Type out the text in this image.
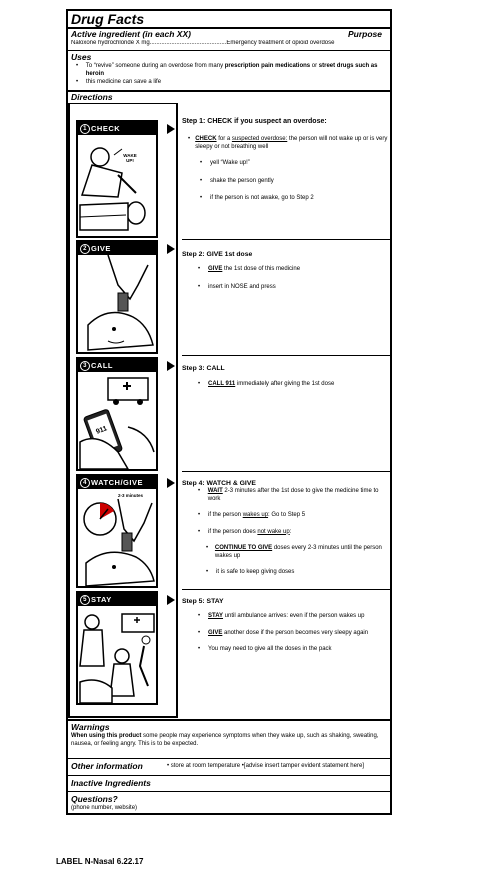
Drug Facts
Active ingredient (in each XX)	Purpose
Naloxone hydrochloride X mg..............................................Emergency treatment of opioid overdose
Uses
•	To “revive” someone during an overdose from many prescription pain medications or street drugs such as heroin
•	this medicine can save a life
Directions
1 CHECK
WAKE UP!
2 GIVE
3 CALL
911
4 WATCH/GIVE
2-3 minutes
5 STAY
Step 1: CHECK if you suspect an overdose:
• CHECK for a suspected overdose: the person will not wake up or is very sleepy or not breathing well
•	yell “Wake up!”
•	shake the person gently
•	if the person is not awake, go to Step 2
Step 2: GIVE 1st dose
•	GIVE the 1st dose of this medicine
•	insert in NOSE and press
Step 3: CALL
•	CALL 911 immediately after giving the 1st dose
Step 4: WATCH & GIVE
•	WAIT 2-3 minutes after the 1st dose to give the medicine time to work
•	if the person wakes up: Go to Step 5
•	if the person does not wake up:
•	CONTINUE TO GIVE doses every 2-3 minutes until the person wakes up
•	it is safe to keep giving doses
Step 5: STAY
•	STAY until ambulance arrives: even if the person wakes up
•	GIVE another dose if the person becomes very sleepy again
•	You may need to give all the doses in the pack
Warnings
When using this product some people may experience symptoms when they wake up, such as shaking, sweating, nausea, or feeling angry. This is to be expected.
Other information	• store at room temperature •[advise insert tamper evident statement here]
Inactive Ingredients
Questions?
(phone number, website)
LABEL N-Nasal 6.22.17
